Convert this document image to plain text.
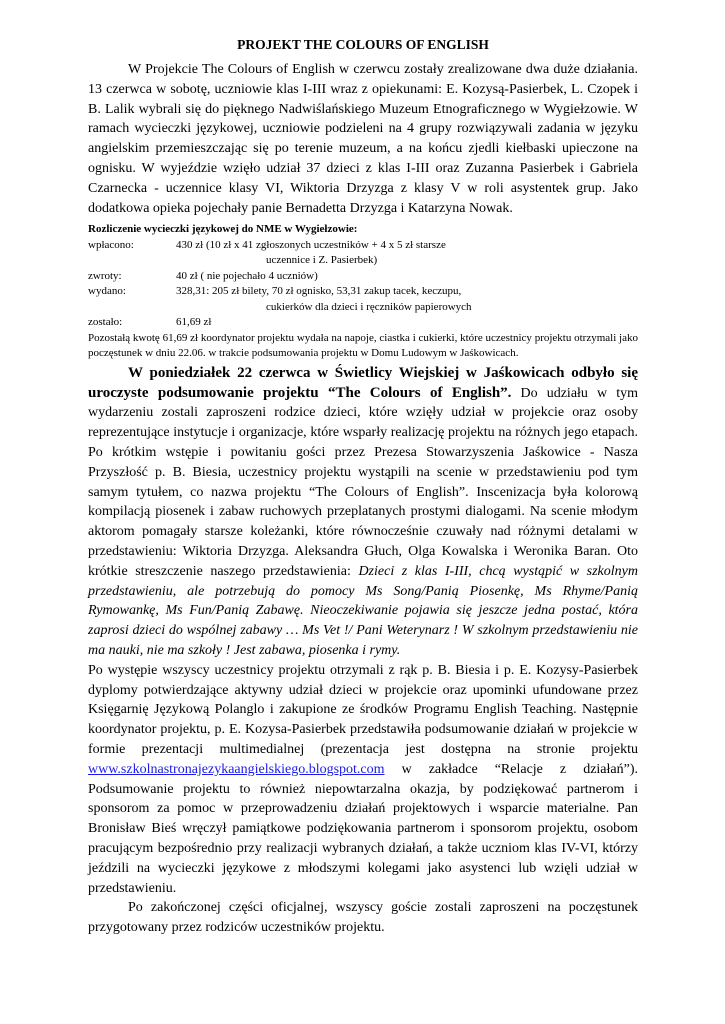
PROJEKT THE COLOURS OF ENGLISH

W Projekcie The Colours of English w czerwcu zostały zrealizowane dwa duże działania. 13 czerwca w sobotę, uczniowie klas I-III wraz z opiekunami: E. Kozysą-Pasierbek, L. Czopek i B. Lalik wybrali się do pięknego Nadwiślańskiego Muzeum Etnograficznego w Wygiełzowie. W ramach wycieczki językowej, uczniowie podzieleni na 4 grupy rozwiązywali zadania w języku angielskim przemieszczając się po terenie muzeum, a na końcu zjedli kiełbaski upieczone na ognisku. W wyjeździe wzięło udział 37 dzieci z klas I-III oraz Zuzanna Pasierbek i Gabriela Czarnecka - uczennice klasy VI, Wiktoria Drzyzga z klasy V w roli asystentek grup. Jako dodatkowa opieka pojechały panie Bernadetta Drzyzga i Katarzyna Nowak.

Rozliczenie wycieczki językowej do NME w Wygiełzowie:
wpłacono:	430 zł (10 zł x 41 zgłoszonych uczestników + 4 x 5 zł starsze
uczennice i Z. Pasierbek)
zwroty:	40 zł ( nie pojechało 4 uczniów)
wydano:	328,31: 205 zł bilety, 70 zł ognisko, 53,31 zakup tacek, keczupu,
cukierków dla dzieci i ręczników papierowych
zostało:	61,69 zł

Pozostałą kwotę 61,69 zł koordynator projektu wydała na napoje, ciastka i cukierki, które uczestnicy projektu otrzymali jako poczęstunek w dniu 22.06. w trakcie podsumowania projektu w Domu Ludowym w Jaśkowicach.

W poniedziałek 22 czerwca w Świetlicy Wiejskiej w Jaśkowicach odbyło się uroczyste podsumowanie projektu “The Colours of English”. Do udziału w tym wydarzeniu zostali zaproszeni rodzice dzieci, które wzięły udział w projekcie oraz osoby reprezentujące instytucje i organizacje, które wsparły realizację projektu na różnych jego etapach. Po krótkim wstępie i powitaniu gości przez Prezesa Stowarzyszenia Jaśkowice - Nasza Przyszłość p. B. Biesia, uczestnicy projektu wystąpili na scenie w przedstawieniu pod tym samym tytułem, co nazwa projektu “The Colours of English”. Inscenizacja była kolorową kompilacją piosenek i zabaw ruchowych przeplatanych prostymi dialogami. Na scenie młodym aktorom pomagały starsze koleżanki, które równocześnie czuwały nad różnymi detalami w przedstawieniu: Wiktoria Drzyzga. Aleksandra Głuch, Olga Kowalska i Weronika Baran. Oto krótkie streszczenie naszego przedstawienia: Dzieci z klas I-III, chcą wystąpić w szkolnym przedstawieniu, ale potrzebują do pomocy Ms Song/Panią Piosenkę, Ms Rhyme/Panią Rymowankę, Ms Fun/Panią Zabawę. Nieoczekiwanie pojawia się jeszcze jedna postać, która zaprosi dzieci do wspólnej zabawy … Ms Vet !/ Pani Weterynarz ! W szkolnym przedstawieniu nie ma nauki, nie ma szkoły ! Jest zabawa, piosenka i rymy.

Po występie wszyscy uczestnicy projektu otrzymali z rąk p. B. Biesia i p. E. Kozysy-Pasierbek dyplomy potwierdzające aktywny udział dzieci w projekcie oraz upominki ufundowane przez Księgarnię Językową Polanglo i zakupione ze środków Programu English Teaching. Następnie koordynator projektu, p. E. Kozysa-Pasierbek przedstawiła podsumowanie działań w projekcie w formie prezentacji multimedialnej (prezentacja jest dostępna na stronie projektu www.szkolnastronajezykaangielskiego.blogspot.com w zakładce “Relacje z działań”). Podsumowanie projektu to również niepowtarzalna okazja, by podziękować partnerom i sponsorom za pomoc w przeprowadzeniu działań projektowych i wsparcie materialne. Pan Bronisław Bieś wręczył pamiątkowe podziękowania partnerom i sponsorom projektu, osobom pracującym bezpośrednio przy realizacji wybranych działań, a także uczniom klas IV-VI, którzy jeździli na wycieczki językowe z młodszymi kolegami jako asystenci lub wzięli udział w przedstawieniu.

Po zakończonej części oficjalnej, wszyscy goście zostali zaproszeni na poczęstunek przygotowany przez rodziców uczestników projektu.
